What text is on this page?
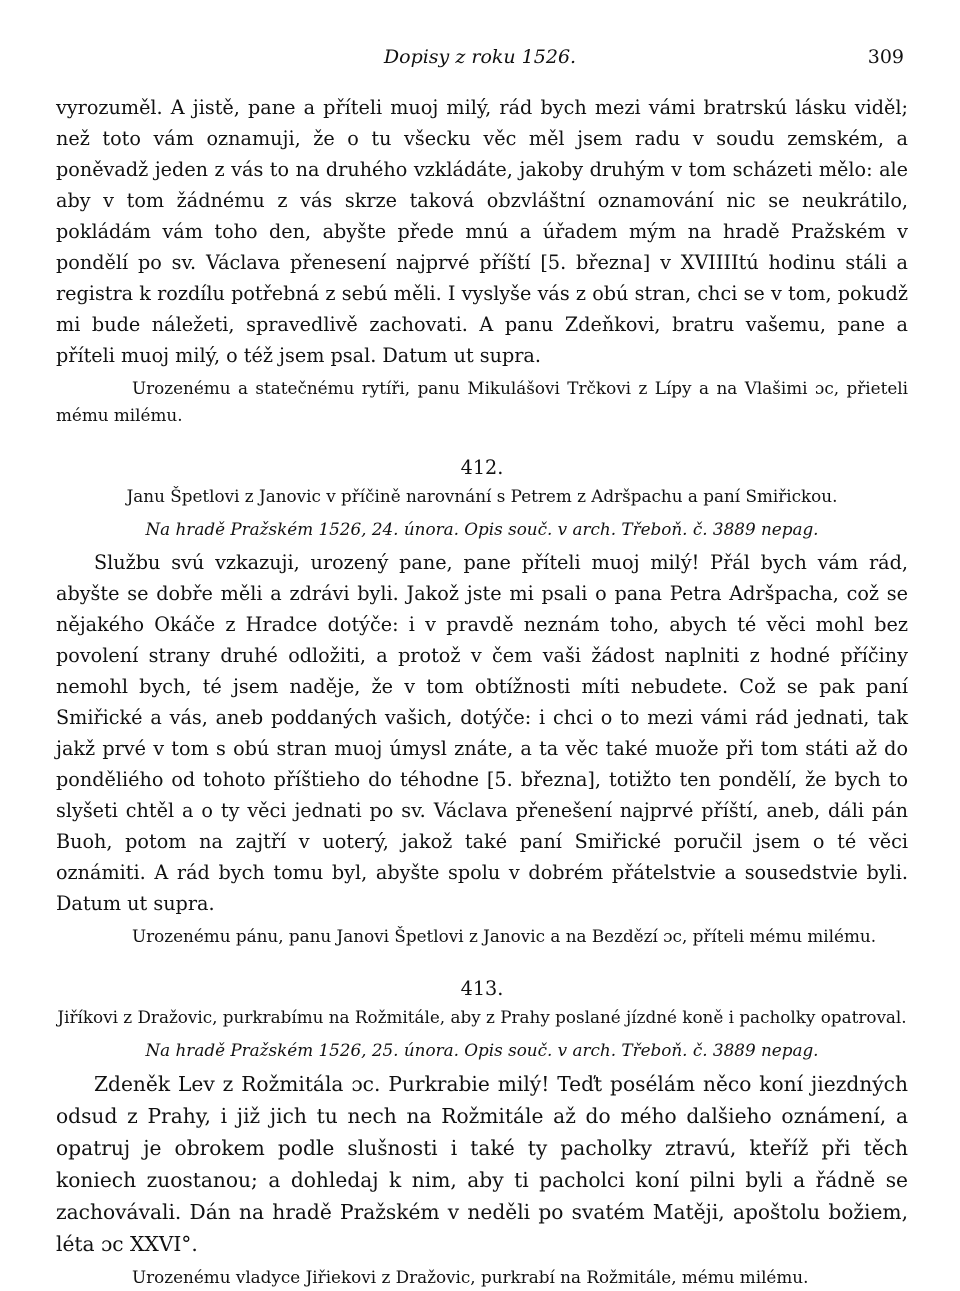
Dopisy z roku 1526.	309

vyrozuměl. A jistě, pane a příteli muoj milý, rád bych mezi vámi bratrskú lásku viděl; než toto vám oznamuji, že o tu všecku věc měl jsem radu v soudu zemském, a poněvadž jeden z vás to na druhého vzkládáte, jakoby druhým v tom scházeti mělo: ale aby v tom žádnému z vás skrze taková obzvláštní oznamování nic se neukrátilo, pokládám vám toho den, abyšte přede mnú a úřadem mým na hradě Pražském v pondělí po sv. Václava přenesení najprvé příští [5. března] v XVIIIItú hodinu stáli a registra k rozdílu potřebná z sebú měli. I vyslyše vás z obú stran, chci se v tom, pokudž mi bude náležeti, spravedlivě zachovati. A panu Zdeňkovi, bratru vašemu, pane a příteli muoj milý, o též jsem psal. Datum ut supra.

Urozenému a statečnému rytíři, panu Mikulášovi Trčkovi z Lípy a na Vlašimi ɔc, přieteli mému milému.

412.

Janu Špetlovi z Janovic v příčině narovnání s Petrem z Adršpachu a paní Smiřickou.

Na hradě Pražském 1526, 24. února. Opis souč. v arch. Třeboň. č. 3889 nepag.

Službu svú vzkazuji, urozený pane, pane příteli muoj milý! Přál bych vám rád, abyšte se dobře měli a zdrávi byli. Jakož jste mi psali o pana Petra Adršpacha, což se nějakého Okáče z Hradce dotýče: i v pravdě neznám toho, abych té věci mohl bez povolení strany druhé odložiti, a protož v čem vaši žádost naplniti z hodné příčiny nemohl bych, té jsem naděje, že v tom obtížnosti míti nebudete. Což se pak paní Smiřické a vás, aneb poddaných vašich, dotýče: i chci o to mezi vámi rád jednati, tak jakž prvé v tom s obú stran muoj úmysl znáte, a ta věc také muože při tom státi až do ponděliého od tohoto příštieho do téhodne [5. března], totižto ten pondělí, že bych to slyšeti chtěl a o ty věci jednati po sv. Václava přenešení najprvé příští, aneb, dáli pán Buoh, potom na zajtří v uoterý, jakož také paní Smiřické poručil jsem o té věci oznámiti. A rád bych tomu byl, abyšte spolu v dobrém přátelstvie a sousedstvie byli. Datum ut supra.

Urozenému pánu, panu Janovi Špetlovi z Janovic a na Bezdězí ɔc, příteli mému milému.

413.

Jiříkovi z Dražovic, purkrabímu na Rožmitále, aby z Prahy poslané jízdné koně i pacholky opatroval.

Na hradě Pražském 1526, 25. února. Opis souč. v arch. Třeboň. č. 3889 nepag.

Zdeněk Lev z Rožmitála ɔc. Purkrabie milý! Teďt posélám něco koní jiezdných odsud z Prahy, i již jich tu nech na Rožmitále až do mého dalšieho oznámení, a opatruj je obrokem podle slušnosti i také ty pacholky ztravú, kteříž při těch koniech zuostanou; a dohledaj k nim, aby ti pacholci koní pilni byli a řádně se zachovávali. Dán na hradě Pražském v neděli po svatém Matěji, apoštolu božiem, léta ɔc XXVI°.

Urozenému vladyce Jiřiekovi z Dražovic, purkrabí na Rožmitále, mému milému.
